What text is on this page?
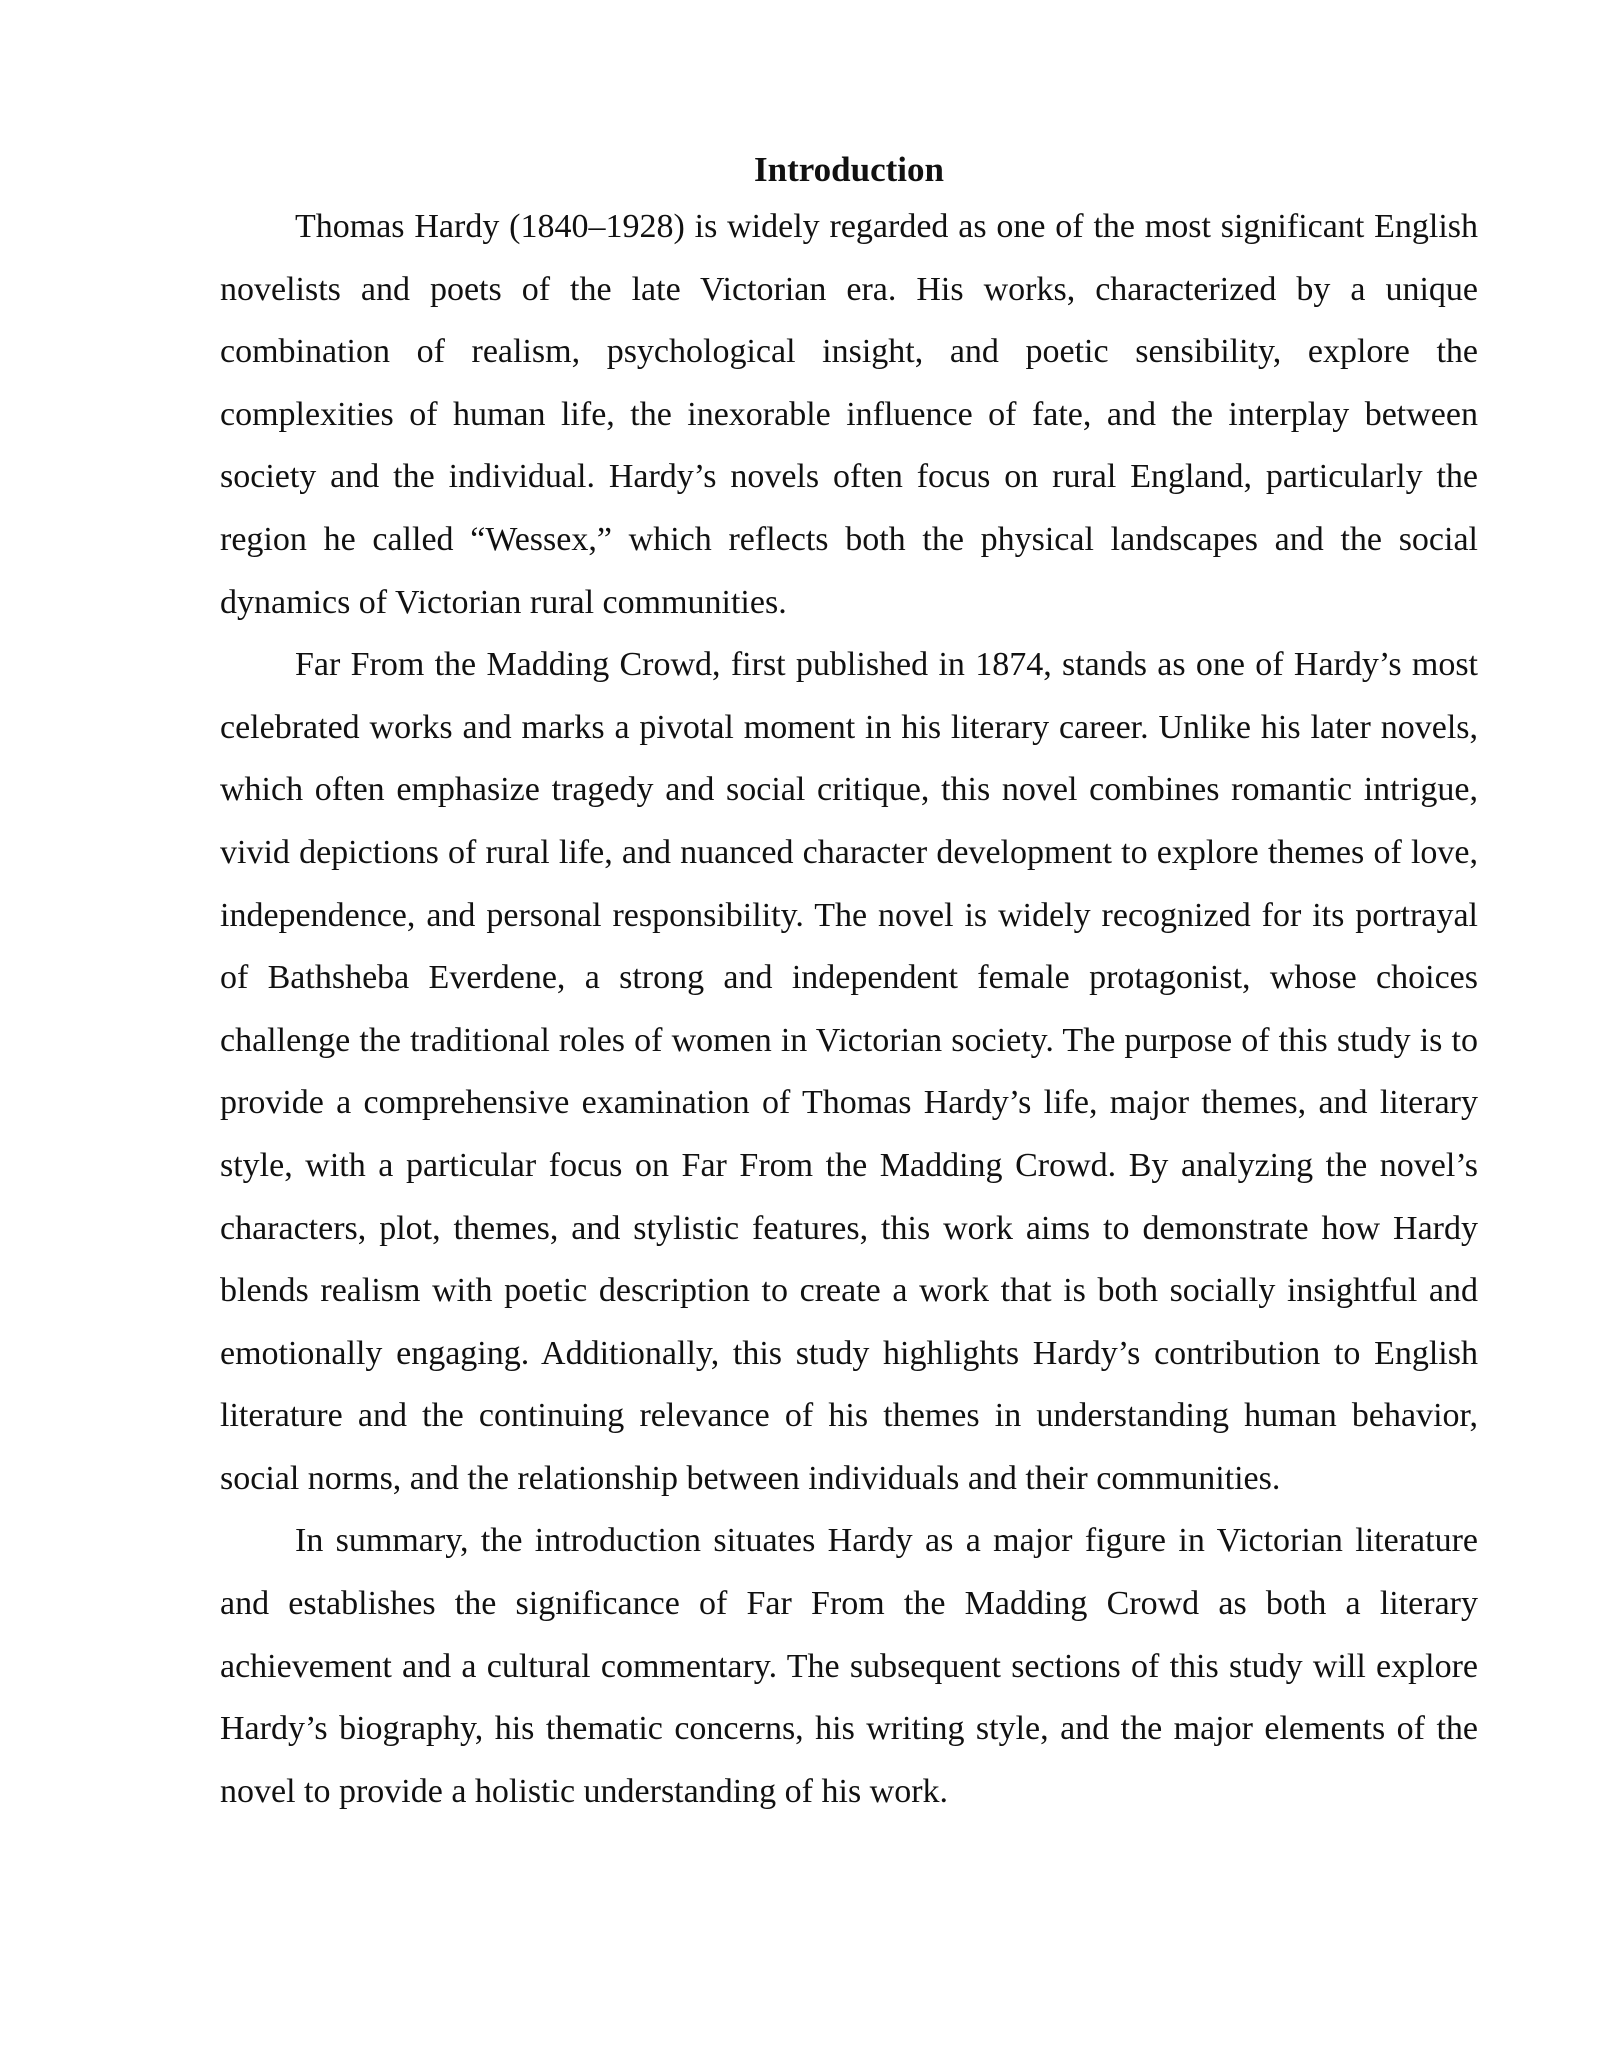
Introduction

Thomas Hardy (1840–1928) is widely regarded as one of the most significant English novelists and poets of the late Victorian era. His works, characterized by a unique combination of realism, psychological insight, and poetic sensibility, explore the complexities of human life, the inexorable influence of fate, and the interplay between society and the individual. Hardy’s novels often focus on rural England, particularly the region he called “Wessex,” which reflects both the physical landscapes and the social dynamics of Victorian rural communities.

Far From the Madding Crowd, first published in 1874, stands as one of Hardy’s most celebrated works and marks a pivotal moment in his literary career. Unlike his later novels, which often emphasize tragedy and social critique, this novel combines romantic intrigue, vivid depictions of rural life, and nuanced character development to explore themes of love, independence, and personal responsibility. The novel is widely recognized for its portrayal of Bathsheba Everdene, a strong and independent female protagonist, whose choices challenge the traditional roles of women in Victorian society. The purpose of this study is to provide a comprehensive examination of Thomas Hardy’s life, major themes, and literary style, with a particular focus on Far From the Madding Crowd. By analyzing the novel’s characters, plot, themes, and stylistic features, this work aims to demonstrate how Hardy blends realism with poetic description to create a work that is both socially insightful and emotionally engaging. Additionally, this study highlights Hardy’s contribution to English literature and the continuing relevance of his themes in understanding human behavior, social norms, and the relationship between individuals and their communities.

In summary, the introduction situates Hardy as a major figure in Victorian literature and establishes the significance of Far From the Madding Crowd as both a literary achievement and a cultural commentary. The subsequent sections of this study will explore Hardy’s biography, his thematic concerns, his writing style, and the major elements of the novel to provide a holistic understanding of his work.
